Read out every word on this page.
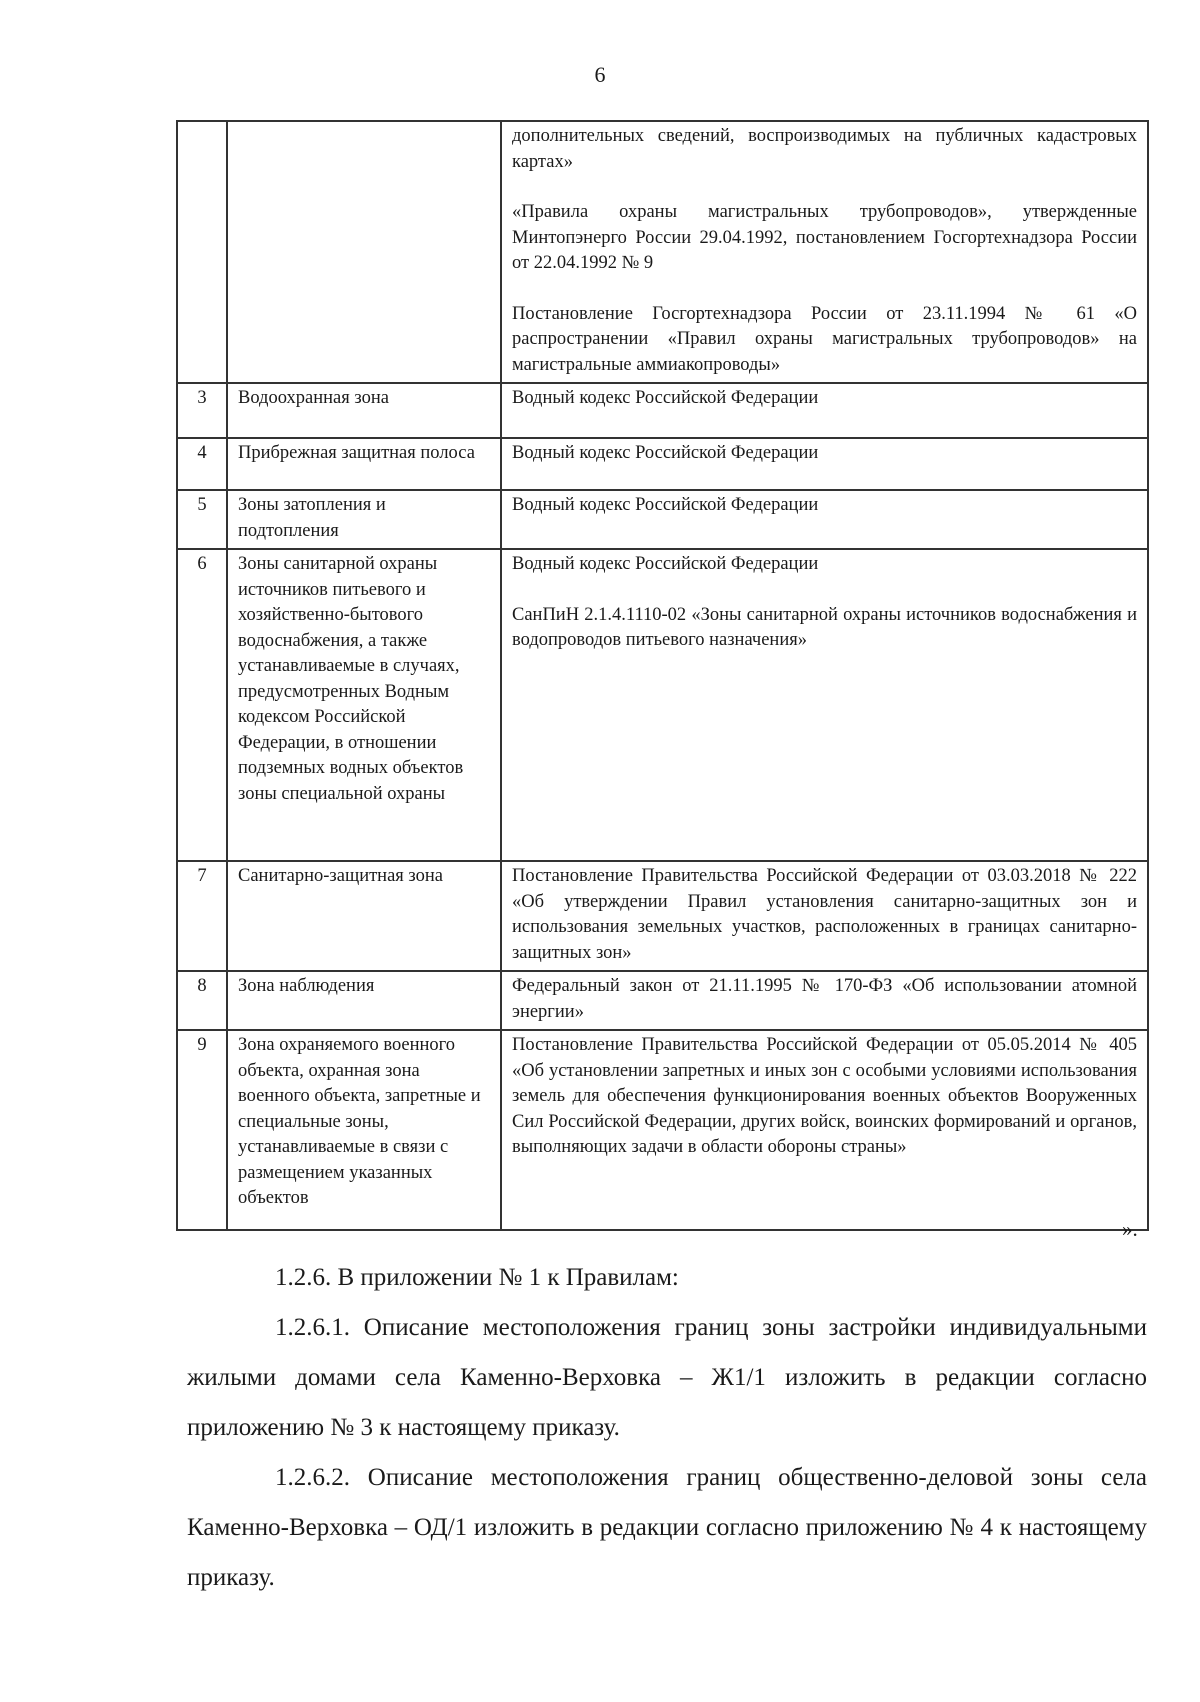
6

		дополнительных сведений, воспроизводимых на публичных кадастровых картах»

«Правила охраны магистральных трубопроводов», утвержденные Минтопэнерго России 29.04.1992, постановлением Госгортехнадзора России от 22.04.1992 № 9

Постановление Госгортехнадзора России от 23.11.1994 № 61 «О распространении «Правил охраны магистральных трубопроводов» на магистральные аммиакопроводы»

3	Водоохранная зона	Водный кодекс Российской Федерации

4	Прибрежная защитная полоса	Водный кодекс Российской Федерации

5	Зоны затопления и подтопления	Водный кодекс Российской Федерации

6	Зоны санитарной охраны источников питьевого и хозяйственно-бытового водоснабжения, а также устанавливаемые в случаях, предусмотренных Водным кодексом Российской Федерации, в отношении подземных водных объектов зоны специальной охраны	Водный кодекс Российской Федерации

СанПиН 2.1.4.1110-02 «Зоны санитарной охраны источников водоснабжения и водопроводов питьевого назначения»

7	Санитарно-защитная зона	Постановление Правительства Российской Федерации от 03.03.2018 № 222 «Об утверждении Правил установления санитарно-защитных зон и использования земельных участков, расположенных в границах санитарно-защитных зон»

8	Зона наблюдения	Федеральный закон от 21.11.1995 № 170-ФЗ «Об использовании атомной энергии»

9	Зона охраняемого военного объекта, охранная зона военного объекта, запретные и специальные зоны, устанавливаемые в связи с размещением указанных объектов	Постановление Правительства Российской Федерации от 05.05.2014 № 405 «Об установлении запретных и иных зон с особыми условиями использования земель для обеспечения функционирования военных объектов Вооруженных Сил Российской Федерации, других войск, воинских формирований и органов, выполняющих задачи в области обороны страны»

».

1.2.6. В приложении № 1 к Правилам:

1.2.6.1. Описание местоположения границ зоны застройки индивидуальными жилыми домами села Каменно-Верховка – Ж1/1 изложить в редакции согласно приложению № 3 к настоящему приказу.

1.2.6.2. Описание местоположения границ общественно-деловой зоны села Каменно-Верховка – ОД/1 изложить в редакции согласно приложению № 4 к настоящему приказу.
